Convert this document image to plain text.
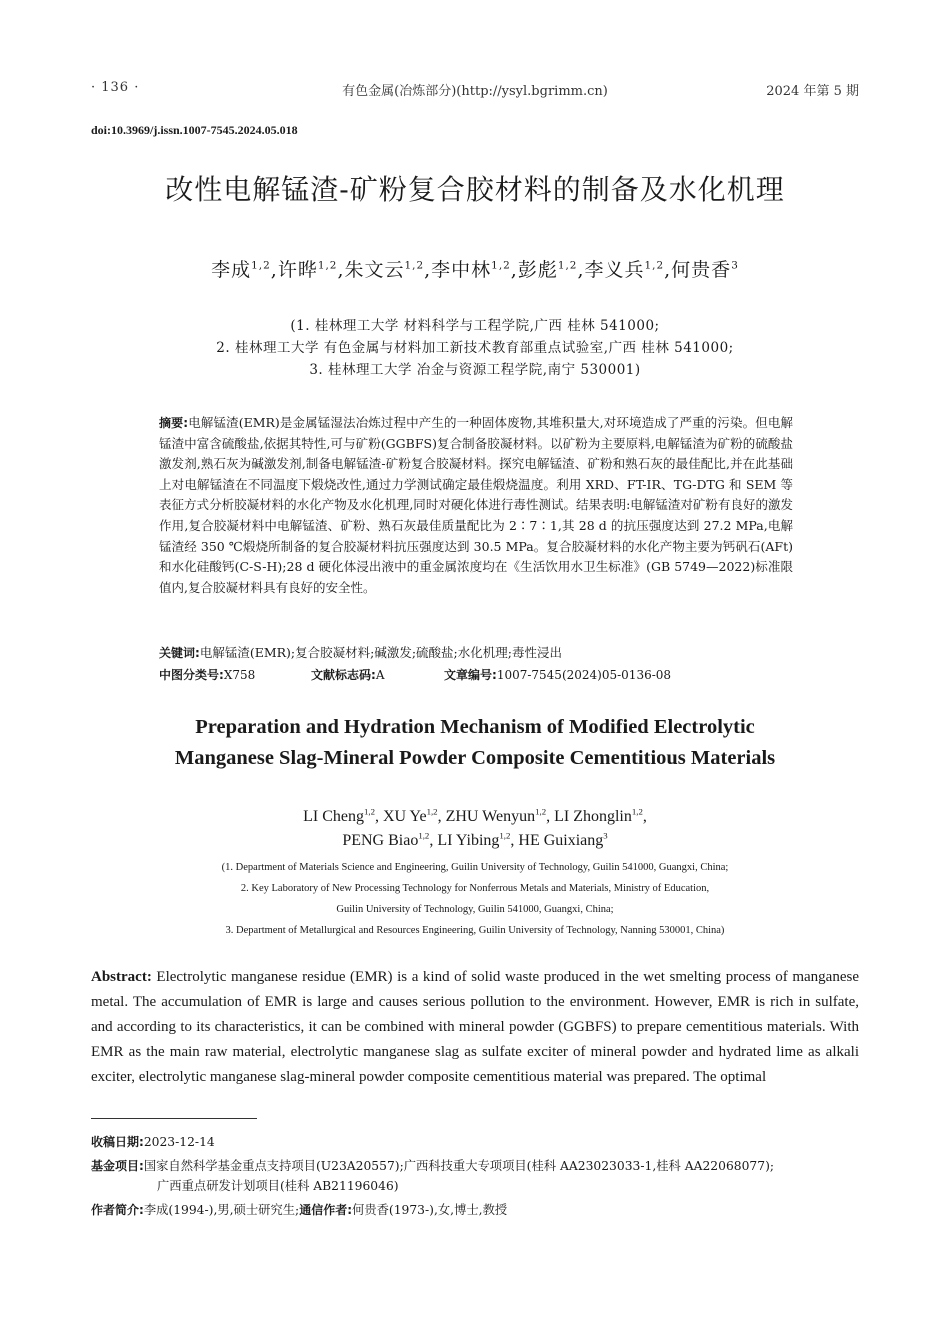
· 136 ·	有色金属(冶炼部分)(http://ysyl.bgrimm.cn)	2024 年第 5 期
doi:10.3969/j.issn.1007-7545.2024.05.018
改性电解锰渣-矿粉复合胶材料的制备及水化机理
李成$^{1,2}$,许晔$^{1,2}$,朱文云$^{1,2}$,李中林$^{1,2}$,彭彪$^{1,2}$,李义兵$^{1,2}$,何贵香$^3$
(1. 桂林理工大学 材料科学与工程学院,广西 桂林 541000;
2. 桂林理工大学 有色金属与材料加工新技术教育部重点试验室,广西 桂林 541000;
3. 桂林理工大学 冶金与资源工程学院,南宁 530001)
摘要:电解锰渣(EMR)是金属锰湿法冶炼过程中产生的一种固体废物,其堆积量大,对环境造成了严重的污染。但电解锰渣中富含硫酸盐,依据其特性,可与矿粉(GGBFS)复合制备胶凝材料。以矿粉为主要原料,电解锰渣为矿粉的硫酸盐激发剂,熟石灰为碱激发剂,制备电解锰渣-矿粉复合胶凝材料。探究电解锰渣、矿粉和熟石灰的最佳配比,并在此基础上对电解锰渣在不同温度下煅烧改性,通过力学测试确定最佳煅烧温度。利用 XRD、FT-IR、TG-DTG 和 SEM 等表征方式分析胶凝材料的水化产物及水化机理,同时对硬化体进行毒性测试。结果表明:电解锰渣对矿粉有良好的激发作用,复合胶凝材料中电解锰渣、矿粉、熟石灰最佳质量配比为 2∶7∶1,其 28 d 的抗压强度达到 27.2 MPa,电解锰渣经 350 ℃煅烧所制备的复合胶凝材料抗压强度达到 30.5 MPa。复合胶凝材料的水化产物主要为钙矾石(AFt)和水化硅酸钙(C-S-H);28 d 硬化体浸出液中的重金属浓度均在《生活饮用水卫生标准》(GB 5749—2022)标准限值内,复合胶凝材料具有良好的安全性。
关键词:电解锰渣(EMR);复合胶凝材料;碱激发;硫酸盐;水化机理;毒性浸出
中图分类号:X758	文献标志码:A	文章编号:1007-7545(2024)05-0136-08
Preparation and Hydration Mechanism of Modified Electrolytic
Manganese Slag-Mineral Powder Composite Cementitious Materials
LI Cheng$^{1,2}$, XU Ye$^{1,2}$, ZHU Wenyun$^{1,2}$, LI Zhonglin$^{1,2}$,
PENG Biao$^{1,2}$, LI Yibing$^{1,2}$, HE Guixiang$^3$
(1. Department of Materials Science and Engineering, Guilin University of Technology, Guilin 541000, Guangxi, China;
2. Key Laboratory of New Processing Technology for Nonferrous Metals and Materials, Ministry of Education,
Guilin University of Technology, Guilin 541000, Guangxi, China;
3. Department of Metallurgical and Resources Engineering, Guilin University of Technology, Nanning 530001, China)
Abstract: Electrolytic manganese residue (EMR) is a kind of solid waste produced in the wet smelting process of manganese metal. The accumulation of EMR is large and causes serious pollution to the environment. However, EMR is rich in sulfate, and according to its characteristics, it can be combined with mineral powder (GGBFS) to prepare cementitious materials. With EMR as the main raw material, electrolytic manganese slag as sulfate exciter of mineral powder and hydrated lime as alkali exciter, electrolytic manganese slag-mineral powder composite cementitious material was prepared. The optimal
收稿日期:2023-12-14
基金项目:国家自然科学基金重点支持项目(U23A20557);广西科技重大专项项目(桂科 AA23023033-1,桂科 AA22068077);
广西重点研发计划项目(桂科 AB21196046)
作者简介:李成(1994-),男,硕士研究生;通信作者:何贵香(1973-),女,博士,教授
